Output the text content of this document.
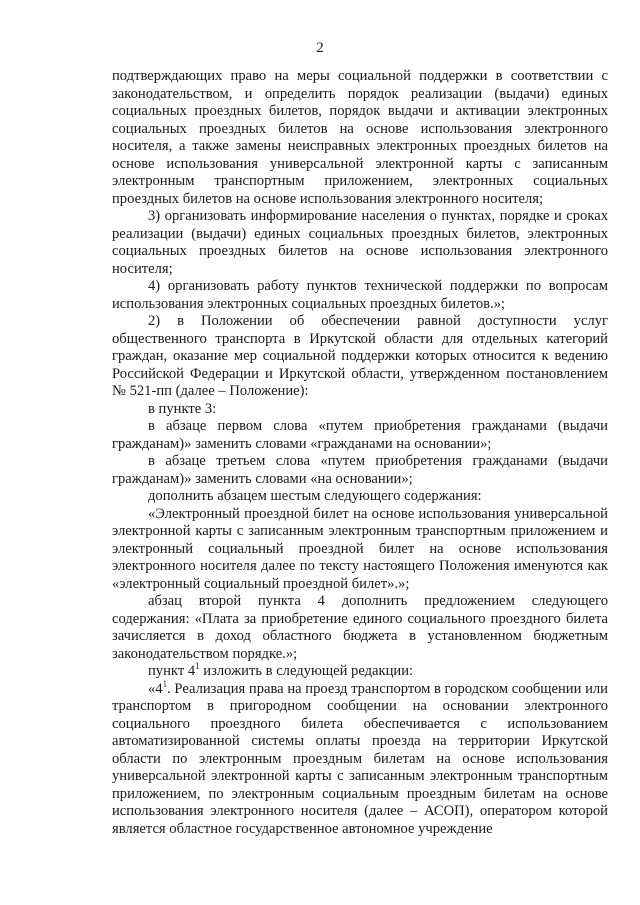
2

подтверждающих право на меры социальной поддержки в соответствии с законодательством, и определить порядок реализации (выдачи) единых социальных проездных билетов, порядок выдачи и активации электронных социальных проездных билетов на основе использования электронного носителя, а также замены неисправных электронных проездных билетов на основе использования универсальной электронной карты с записанным электронным транспортным приложением, электронных социальных проездных билетов на основе использования электронного носителя;

3) организовать информирование населения о пунктах, порядке и сроках реализации (выдачи) единых социальных проездных билетов, электронных социальных проездных билетов на основе использования электронного носителя;

4) организовать работу пунктов технической поддержки по вопросам использования электронных социальных проездных билетов.»;

2) в Положении об обеспечении равной доступности услуг общественного транспорта в Иркутской области для отдельных категорий граждан, оказание мер социальной поддержки которых относится к ведению Российской Федерации и Иркутской области, утвержденном постановлением № 521-пп (далее – Положение):

в пункте 3:

в абзаце первом слова «путем приобретения гражданами (выдачи гражданам)» заменить словами «гражданами на основании»;

в абзаце третьем слова «путем приобретения гражданами (выдачи гражданам)» заменить словами «на основании»;

дополнить абзацем шестым следующего содержания:

«Электронный проездной билет на основе использования универсальной электронной карты с записанным электронным транспортным приложением и электронный социальный проездной билет на основе использования электронного носителя далее по тексту настоящего Положения именуются как «электронный социальный проездной билет».»;

абзац второй пункта 4 дополнить предложением следующего содержания: «Плата за приобретение единого социального проездного билета зачисляется в доход областного бюджета в установленном бюджетным законодательством порядке.»;

пункт $4^1$ изложить в следующей редакции:

«$4^1$. Реализация права на проезд транспортом в городском сообщении или транспортом в пригородном сообщении на основании электронного социального проездного билета обеспечивается с использованием автоматизированной системы оплаты проезда на территории Иркутской области по электронным проездным билетам на основе использования универсальной электронной карты с записанным электронным транспортным приложением, по электронным социальным проездным билетам на основе использования электронного носителя (далее – АСОП), оператором которой является областное государственное автономное учреждение
